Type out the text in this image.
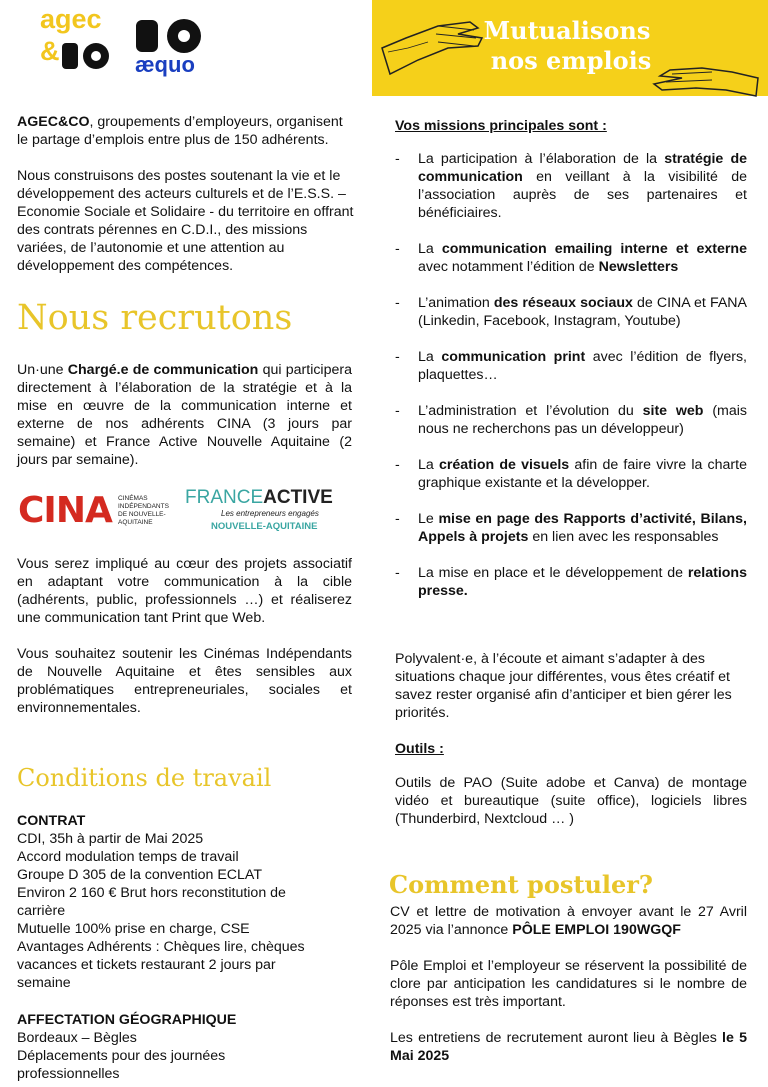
agec
&	æquo
Mutualisons
nos emplois

AGEC&CO, groupements d’employeurs, organisent le partage d’emplois entre plus de 150 adhérents.

Nous construisons des postes soutenant la vie et le développement des acteurs culturels et de l’E.S.S. – Economie Sociale et Solidaire - du territoire en offrant des contrats pérennes en C.D.I., des missions variées, de l’autonomie et une attention au développement des compétences.

Nous recrutons

Un·une Chargé.e de communication qui participera directement à l’élaboration de la stratégie et à la mise en œuvre de la communication interne et externe de nos adhérents CINA (3 jours par semaine) et France Active Nouvelle Aquitaine (2 jours par semaine).

CINA CINÉMAS
INDÉPENDANTS
DE NOUVELLE-
AQUITAINE
FRANCEACTIVE
Les entrepreneurs engagés
NOUVELLE-AQUITAINE

Vous serez impliqué au cœur des projets associatif en adaptant votre communication à la cible (adhérents, public, professionnels …) et réaliserez une communication tant Print que Web.

Vous souhaitez soutenir les Cinémas Indépendants de Nouvelle Aquitaine et êtes sensibles aux problématiques entrepreneuriales, sociales et environnementales.

Conditions de travail
CONTRAT
CDI, 35h à partir de Mai 2025
Accord modulation temps de travail
Groupe D 305 de la convention ECLAT
Environ 2 160 € Brut hors reconstitution de
carrière
Mutuelle 100% prise en charge, CSE
Avantages Adhérents : Chèques lire, chèques
vacances et tickets restaurant 2 jours par
semaine
AFFECTATION GÉOGRAPHIQUE
Bordeaux – Bègles
Déplacements pour des journées
professionnelles
Vos missions principales sont :
- La participation à l’élaboration de la stratégie de communication en veillant à la visibilité de l’association auprès de ses partenaires et bénéficiaires.
- La communication emailing interne et externe avec notamment l’édition de Newsletters
- L’animation des réseaux sociaux de CINA et FANA (Linkedin, Facebook, Instagram, Youtube)
- La communication print avec l’édition de flyers, plaquettes…
- L’administration et l’évolution du site web (mais nous ne recherchons pas un développeur)
- La création de visuels afin de faire vivre la charte graphique existante et la développer.
- Le mise en page des Rapports d’activité, Bilans, Appels à projets en lien avec les responsables
- La mise en place et le développement de relations presse.
Polyvalent·e, à l’écoute et aimant s’adapter à des situations chaque jour différentes, vous êtes créatif et savez rester organisé afin d’anticiper et bien gérer les priorités.
Outils :
Outils de PAO (Suite adobe et Canva) de montage vidéo et bureautique (suite office), logiciels libres (Thunderbird, Nextcloud … )
Comment postuler?

CV et lettre de motivation à envoyer avant le 27 Avril 2025 via l’annonce PÔLE EMPLOI 190WGQF

Pôle Emploi et l’employeur se réservent la possibilité de clore par anticipation les candidatures si le nombre de réponses est très important.

Les entretiens de recrutement auront lieu à Bègles le 5 Mai 2025
